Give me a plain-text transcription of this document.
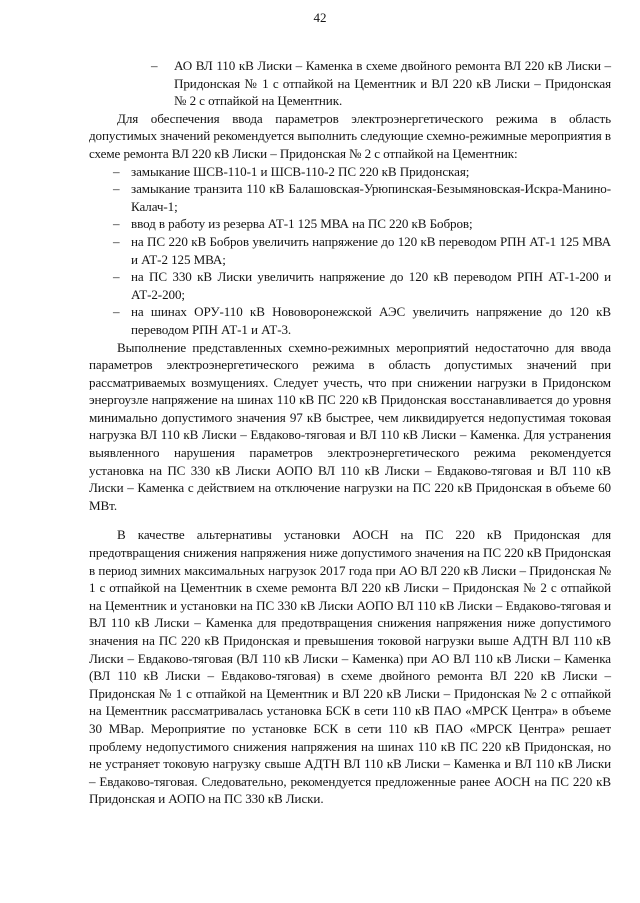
42
– АО ВЛ 110 кВ Лиски – Каменка в схеме двойного ремонта ВЛ 220 кВ Лиски – Придонская № 1 с отпайкой на Цементник и ВЛ 220 кВ Лиски – Придонская № 2 с отпайкой на Цементник.

Для обеспечения ввода параметров электроэнергетического режима в область допустимых значений рекомендуется выполнить следующие схемно-режимные мероприятия в схеме ремонта ВЛ 220 кВ Лиски – Придонская № 2 с отпайкой на Цементник:

– замыкание ШСВ-110-1 и ШСВ-110-2 ПС 220 кВ Придонская;
– замыкание транзита 110 кВ Балашовская-Урюпинская-Безымяновская-Искра-Манино-Калач-1;
– ввод в работу из резерва АТ-1 125 МВА на ПС 220 кВ Бобров;
– на ПС 220 кВ Бобров увеличить напряжение до 120 кВ переводом РПН АТ-1 125 МВА и АТ-2 125 МВА;
– на ПС 330 кВ Лиски увеличить напряжение до 120 кВ переводом РПН АТ-1-200 и АТ-2-200;
– на шинах ОРУ-110 кВ Нововоронежской АЭС увеличить напряжение до 120 кВ переводом РПН АТ-1 и АТ-3.

Выполнение представленных схемно-режимных мероприятий недостаточно для ввода параметров электроэнергетического режима в область допустимых значений при рассматриваемых возмущениях. Следует учесть, что при снижении нагрузки в Придонском энергоузле напряжение на шинах 110 кВ ПС 220 кВ Придонская восстанавливается до уровня минимально допустимого значения 97 кВ быстрее, чем ликвидируется недопустимая токовая нагрузка ВЛ 110 кВ Лиски – Евдаково-тяговая и ВЛ 110 кВ Лиски – Каменка. Для устранения выявленного нарушения параметров электроэнергетического режима рекомендуется установка на ПС 330 кВ Лиски АОПО ВЛ 110 кВ Лиски – Евдаково-тяговая и ВЛ 110 кВ Лиски – Каменка с действием на отключение нагрузки на ПС 220 кВ Придонская в объеме 60 МВт.

В качестве альтернативы установки АОСН на ПС 220 кВ Придонская для предотвращения снижения напряжения ниже допустимого значения на ПС 220 кВ Придонская в период зимних максимальных нагрузок 2017 года при АО ВЛ 220 кВ Лиски – Придонская № 1 с отпайкой на Цементник в схеме ремонта ВЛ 220 кВ Лиски – Придонская № 2 с отпайкой на Цементник и установки на ПС 330 кВ Лиски АОПО ВЛ 110 кВ Лиски – Евдаково-тяговая и ВЛ 110 кВ Лиски – Каменка для предотвращения снижения напряжения ниже допустимого значения на ПС 220 кВ Придонская и превышения токовой нагрузки выше АДТН ВЛ 110 кВ Лиски – Евдаково-тяговая (ВЛ 110 кВ Лиски – Каменка) при АО ВЛ 110 кВ Лиски – Каменка (ВЛ 110 кВ Лиски – Евдаково-тяговая) в схеме двойного ремонта ВЛ 220 кВ Лиски – Придонская № 1 с отпайкой на Цементник и ВЛ 220 кВ Лиски – Придонская № 2 с отпайкой на Цементник рассматривалась установка БСК в сети 110 кВ ПАО «МРСК Центра» в объеме 30 МВар. Мероприятие по установке БСК в сети 110 кВ ПАО «МРСК Центра» решает проблему недопустимого снижения напряжения на шинах 110 кВ ПС 220 кВ Придонская, но не устраняет токовую нагрузку свыше АДТН ВЛ 110 кВ Лиски – Каменка и ВЛ 110 кВ Лиски – Евдаково-тяговая. Следовательно, рекомендуется предложенные ранее АОСН на ПС 220 кВ Придонская и АОПО на ПС 330 кВ Лиски.
